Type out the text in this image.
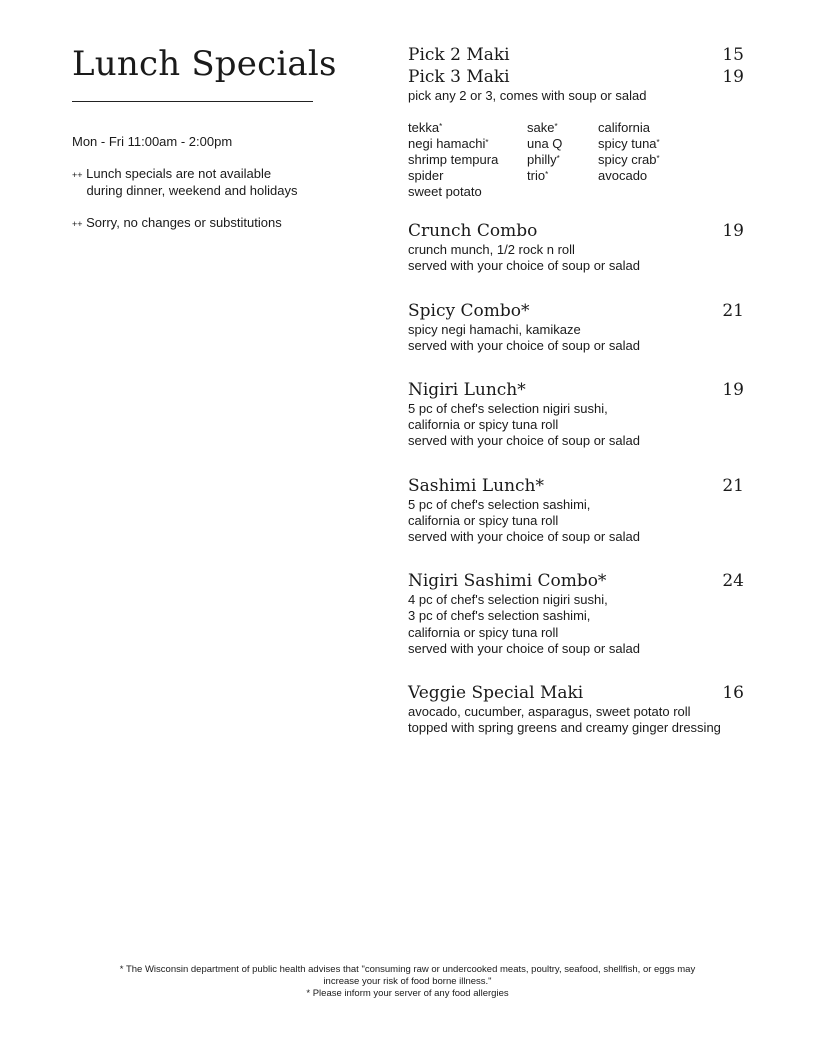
Lunch Specials
Mon - Fri 11:00am - 2:00pm
++ Lunch specials are not available
during dinner, weekend and holidays
++ Sorry, no changes or substitutions
Pick 2 Maki	15
Pick 3 Maki	19
pick any 2 or 3, comes with soup or salad
tekka*	sake*	california
negi hamachi*	una Q	spicy tuna*
shrimp tempura	philly*	spicy crab*
spider	trio*	avocado
sweet potato
Crunch Combo	19
crunch munch, 1/2 rock n roll
served with your choice of soup or salad
Spicy Combo*	21
spicy negi hamachi, kamikaze
served with your choice of soup or salad
Nigiri Lunch*	19
5 pc of chef's selection nigiri sushi,
california or spicy tuna roll
served with your choice of soup or salad
Sashimi Lunch*	21
5 pc of chef's selection sashimi,
california or spicy tuna roll
served with your choice of soup or salad
Nigiri Sashimi Combo*	24
4 pc of chef's selection nigiri sushi,
3 pc of chef's selection sashimi,
california or spicy tuna roll
served with your choice of soup or salad
Veggie Special Maki	16
avocado, cucumber, asparagus, sweet potato roll
topped with spring greens and creamy ginger dressing
* The Wisconsin department of public health advises that "consuming raw or undercooked meats, poultry, seafood, shellfish, or eggs may
increase your risk of food borne illness."
* Please inform your server of any food allergies
